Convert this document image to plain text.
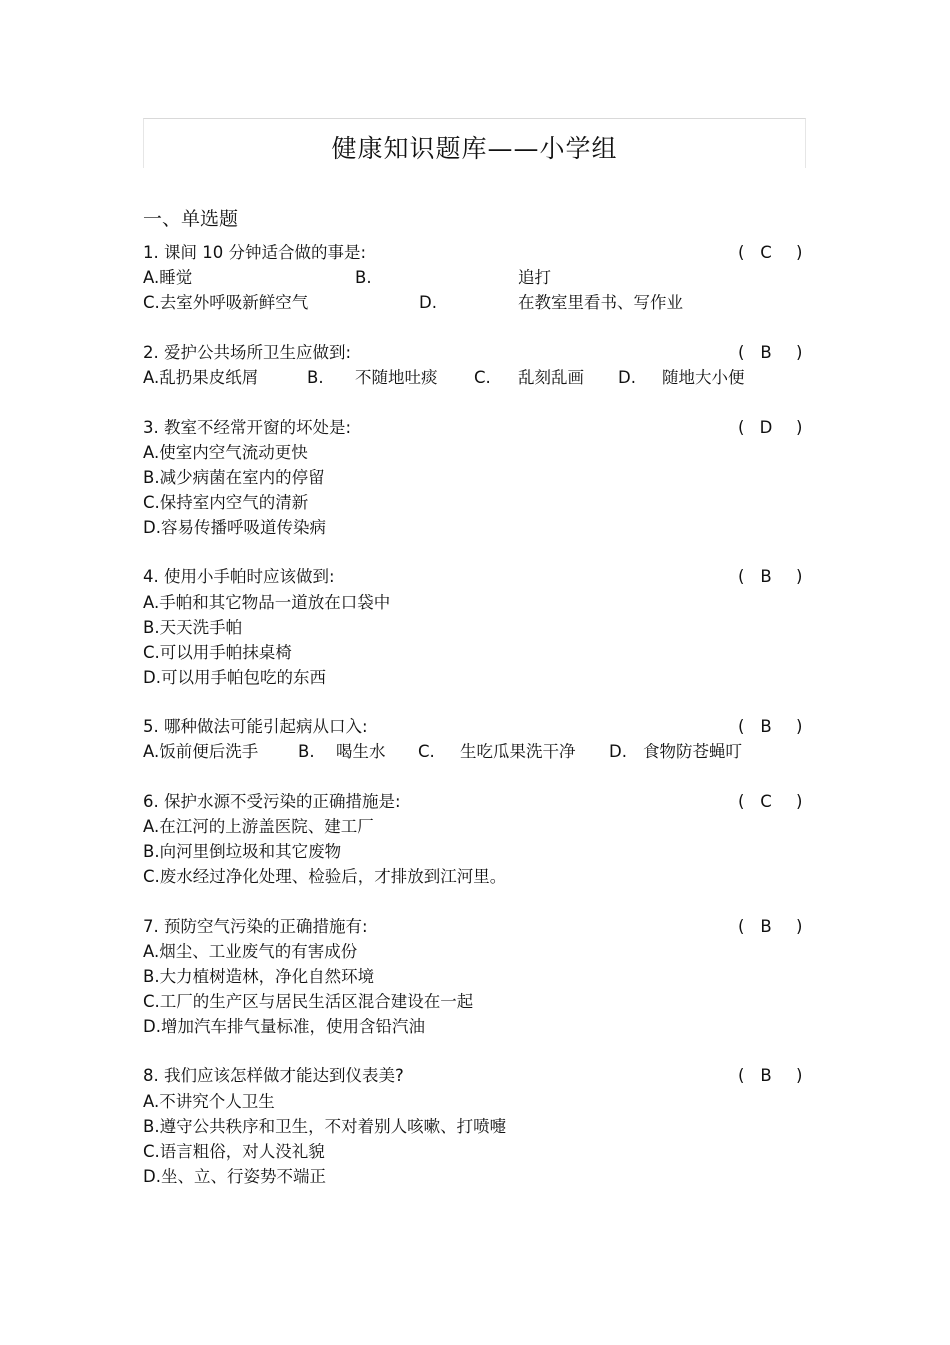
健康知识题库——小学组
一、单选题
1. 课间 10 分钟适合做的事是:	( C )
A.睡觉	B.	追打
C.去室外呼吸新鲜空气	D.	在教室里看书、写作业
2. 爱护公共场所卫生应做到:	( B )
A.乱扔果皮纸屑	B. 不随地吐痰 C. 乱刻乱画 D. 随地大小便
3. 教室不经常开窗的坏处是:	( D )
A.使室内空气流动更快
B.减少病菌在室内的停留
C.保持室内空气的清新
D.容易传播呼吸道传染病
4. 使用小手帕时应该做到:	( B )
A.手帕和其它物品一道放在口袋中
B.天天洗手帕
C.可以用手帕抹桌椅
D.可以用手帕包吃的东西
5. 哪种做法可能引起病从口入:	( B )
A.饭前便后洗手 B. 喝生水 C. 生吃瓜果洗干净 D. 食物防苍蝇叮
6. 保护水源不受污染的正确措施是:	( C )
A.在江河的上游盖医院、建工厂
B.向河里倒垃圾和其它废物
C.废水经过净化处理、检验后，才排放到江河里。
7. 预防空气污染的正确措施有:	( B )
A.烟尘、工业废气的有害成份
B.大力植树造林，净化自然环境
C.工厂的生产区与居民生活区混合建设在一起
D.增加汽车排气量标准，使用含铅汽油
8. 我们应该怎样做才能达到仪表美?	( B )
A.不讲究个人卫生
B.遵守公共秩序和卫生，不对着别人咳嗽、打喷嚏
C.语言粗俗，对人没礼貌
D.坐、立、行姿势不端正
